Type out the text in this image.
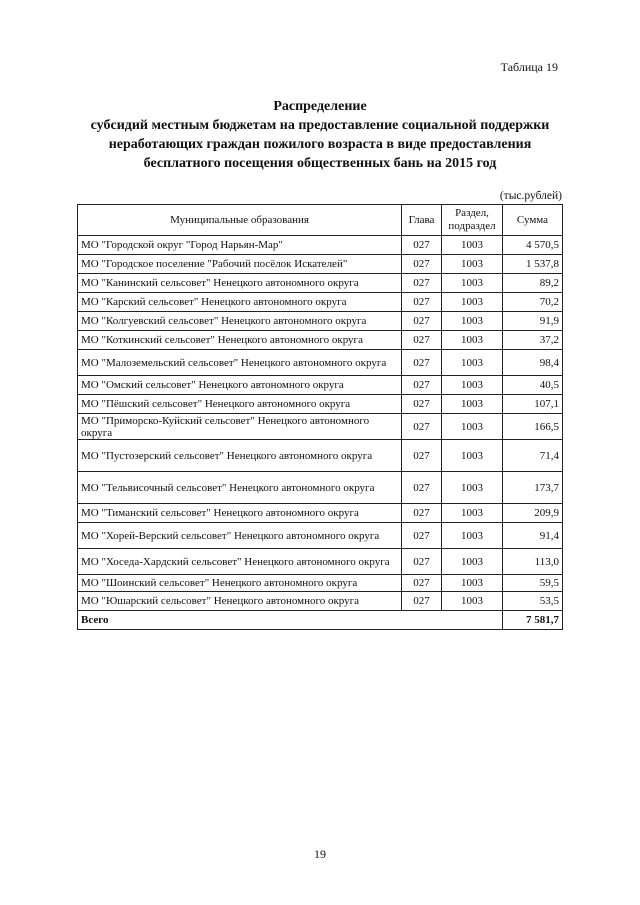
Таблица 19
Распределение
субсидий местным бюджетам на предоставление социальной поддержки
неработающих граждан пожилого возраста в виде предоставления
бесплатного посещения общественных бань на 2015 год
(тыс.рублей)
Муниципальные образования	Глава	Раздел, подраздел	Сумма
МО "Городской округ "Город Нарьян-Мар"	027	1003	4 570,5
МО "Городское поселение "Рабочий посёлок Искателей"	027	1003	1 537,8
МО "Канинский сельсовет" Ненецкого автономного округа	027	1003	89,2
МО "Карский сельсовет" Ненецкого автономного округа	027	1003	70,2
МО "Колгуевский сельсовет" Ненецкого автономного округа	027	1003	91,9
МО "Коткинский сельсовет" Ненецкого автономного округа	027	1003	37,2
МО "Малоземельский сельсовет" Ненецкого автономного округа	027	1003	98,4
МО "Омский сельсовет" Ненецкого автономного округа	027	1003	40,5
МО "Пёшский сельсовет" Ненецкого автономного округа	027	1003	107,1
МО "Приморско-Куйский сельсовет" Ненецкого автономного округа	027	1003	166,5
МО "Пустозерский сельсовет" Ненецкого автономного округа	027	1003	71,4
МО "Тельвисочный сельсовет" Ненецкого автономного округа	027	1003	173,7
МО "Тиманский сельсовет" Ненецкого автономного округа	027	1003	209,9
МО "Хорей-Верский сельсовет" Ненецкого автономного округа	027	1003	91,4
МО "Хоседа-Хардский сельсовет" Ненецкого автономного округа	027	1003	113,0
МО "Шоинский сельсовет" Ненецкого автономного округа	027	1003	59,5
МО "Юшарский сельсовет" Ненецкого автономного округа	027	1003	53,5
Всего			7 581,7
19
